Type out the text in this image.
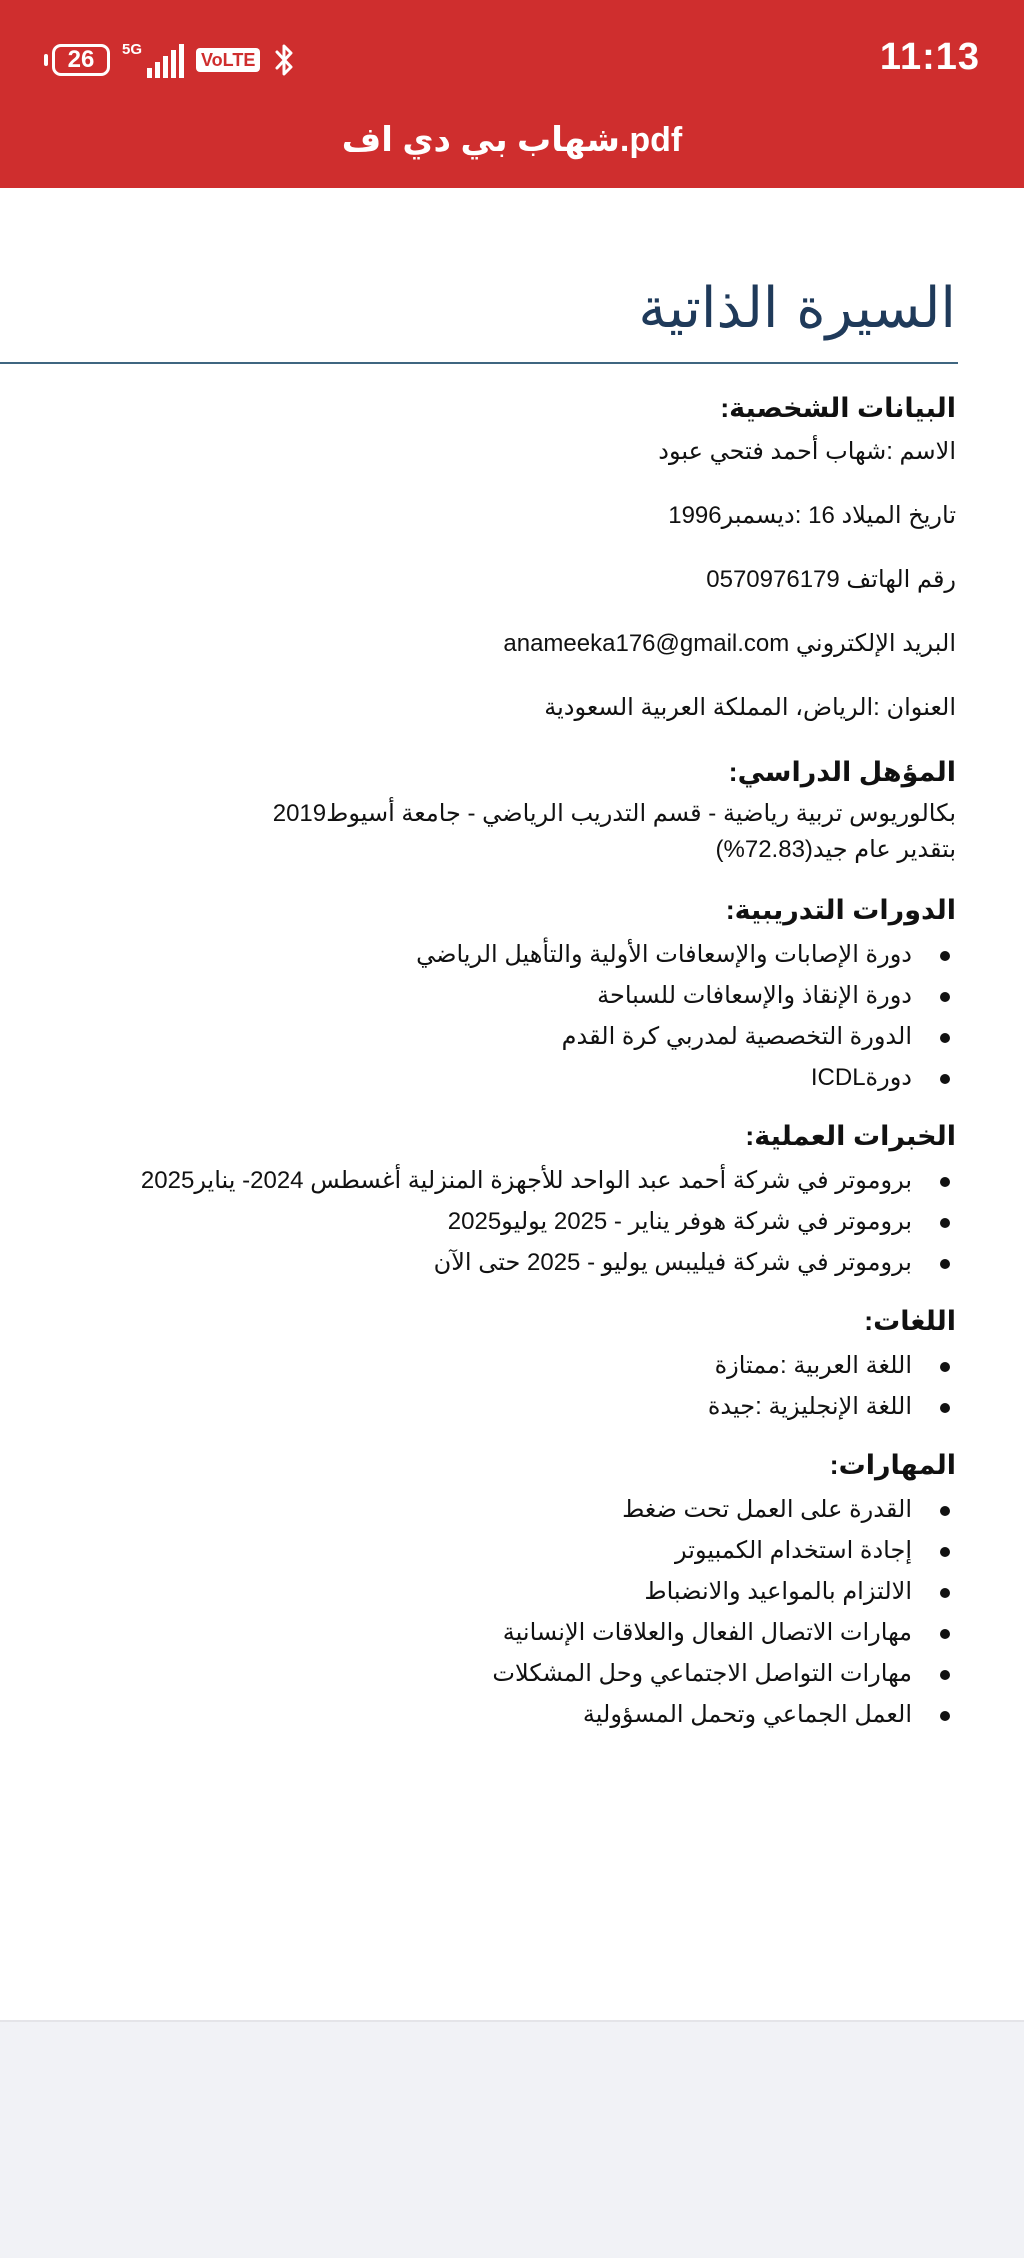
26 5G
VoLTE	11:13
شهاب بي دي اف.pdf
السيرة الذاتية
البيانات الشخصية:
الاسم :شهاب أحمد فتحي عبود
تاريخ الميلاد 16 :ديسمبر1996
رقم الهاتف 0570976179
البريد الإلكتروني anameeka176@gmail.com
العنوان :الرياض، المملكة العربية السعودية
المؤهل الدراسي:
بكالوريوس تربية رياضية - قسم التدريب الرياضي - جامعة أسيوط2019
بتقدير عام جيد(72.83%)
الدورات التدريبية:
دورة الإصابات والإسعافات الأولية والتأهيل الرياضي
دورة الإنقاذ والإسعافات للسباحة
الدورة التخصصية لمدربي كرة القدم
دورةICDL
الخبرات العملية:
بروموتر في شركة أحمد عبد الواحد للأجهزة المنزلية أغسطس 2024- يناير2025
بروموتر في شركة هوفر يناير - 2025 يوليو2025
بروموتر في شركة فيليبس يوليو - 2025 حتى الآن
اللغات:
اللغة العربية :ممتازة
اللغة الإنجليزية :جيدة
المهارات:
القدرة على العمل تحت ضغط
إجادة استخدام الكمبيوتر
الالتزام بالمواعيد والانضباط
مهارات الاتصال الفعال والعلاقات الإنسانية
مهارات التواصل الاجتماعي وحل المشكلات
العمل الجماعي وتحمل المسؤولية
